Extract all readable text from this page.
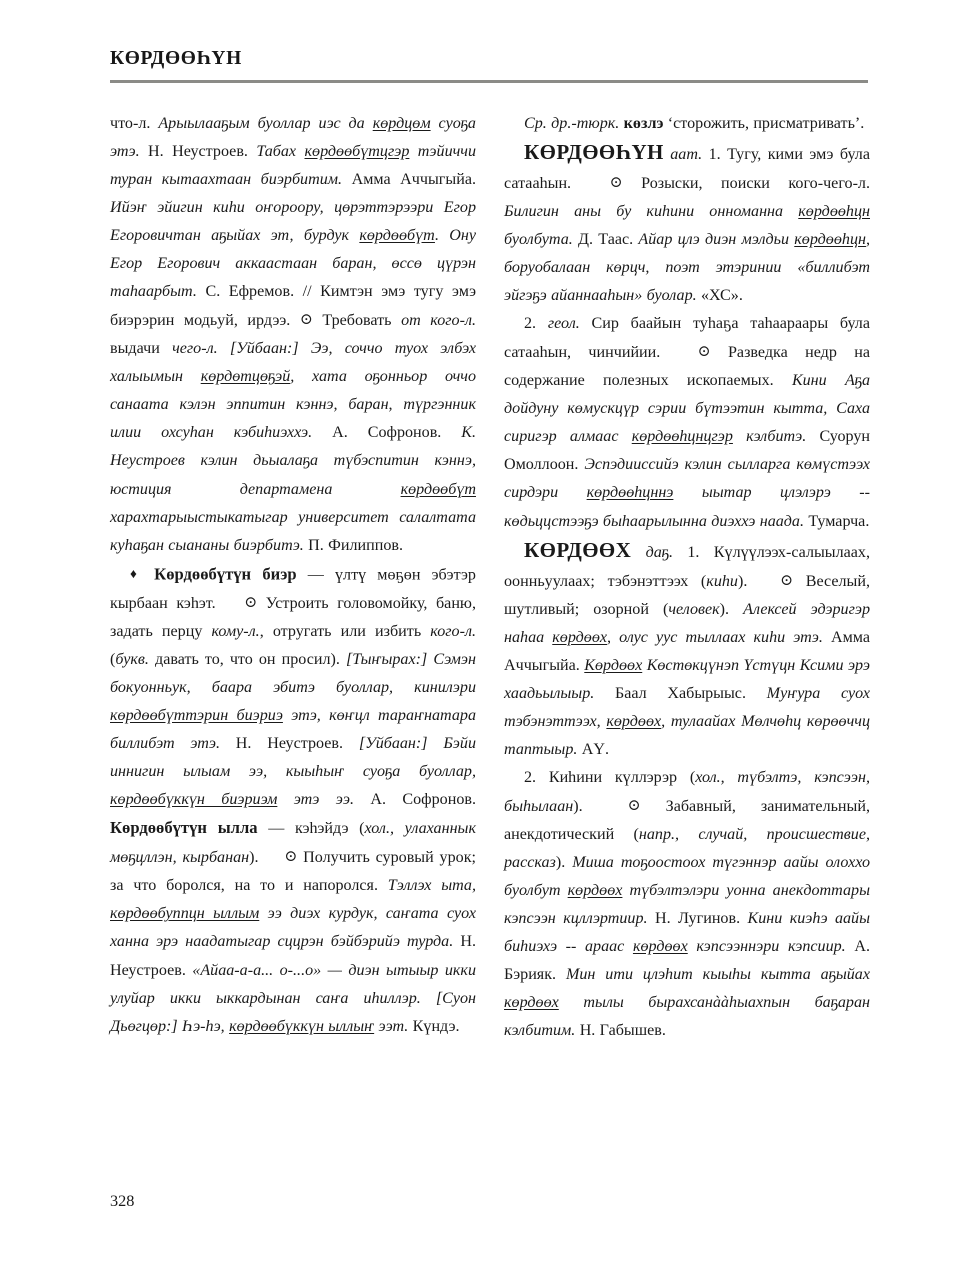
КӨРДӨӨҺҮН

что-л. Арыылааҕым буоллар иэс да көрдцөм суоҕа этэ. Н. Неустроев. Табах көрдөөбүтцгэр тэйиччи туран кытаахтаан биэрбитим. Амма Аччыгыйа. Ийэҥ эйигин киһи оҥороору, цөрэттэрээри Егор Егоровичтан аҕыйах эт, бурдук көрдөөбүт. Ону Егор Егорович аккаастаан баран, өссө цүрэн таһаарбыт. С. Ефремов. // Кимтэн эмэ тугу эмэ биэрэрин модьуй, ирдээ. ⊙ Требовать от кого-л. выдачи чего-л. [Уйбаан:] Ээ, соччо туох элбэх халыымын көрдөтцөҕэй, хата оҕонньор оччо санаата кэлэн эппитин кэннэ, баран, түргэнник илии охсуһан кэбиһиэххэ. А. Софронов. К. Неустроев кэлин дьыалаҕа түбэспитин кэннэ, юстиция департамена көрдөөбүт харахтарыыстыкатыгар университет салалтата куһаҕан сыананы биэрбитэ. П. Филиппов.

♦ Көрдөөбүтүн биэр — үлтү мөҕөн эбэтэр кырбаан кэһэт. ⊙ Устроить головомойку, баню, задать перцу кому-л., отругать или избить кого-л. (букв. давать то, что он просил). [Тыҥырах:] Сэмэн бокуонньук, баара эбитэ буоллар, кинилэри көрдөөбүттэрин биэриэ этэ, көҥцл тараҥнатара биллибэт этэ. Н. Неустроев. [Уйбаан:] Бэйи иннигин ылыам ээ, кыыһыҥ суоҕа буоллар, көрдөөбүккүн биэриэм этэ ээ. А. Софронов. Көрдөөбүтүн ылла — кэһэйдэ (хол., улаханнык мөҕцллэн, кырбанан). ⊙ Получить суровый урок; за что боролся, на то и напоролся. Тэллэх ыта, көрдөөбуппцн ыллым ээ диэх курдук, саҥата суох ханна эрэ наадатыгар сццрэн бэйбэрийэ турда. Н. Неустроев. «Айаа-а-а... о-...о» — диэн ытыыр икки улуйар икки ыккардынан саҥа иһиллэр. [Суон Дьөгцөр:] Һэ-һэ, көрдөөбүккүн ыллыҥ ээт. Күндэ.

Ср. др.-тюрк. көзлэ ‘сторожить, присматривать’.

КӨРДӨӨҺҮН аат. 1. Тугу, кими эмэ була сатааһын. ⊙ Розыски, поиски кого-чего-л. Билигин аны бу киһини онноманна көрдөөһцн буолбута. Д. Таас. Айар цлэ диэн мэлдьи көрдөөһцн, боруобалаан көрцч, поэт этэринии «биллибэт эйгэҕэ айаннааһын» буолар. «ХС».

2. геол. Сир баайын туһаҕа таһаараары була сатааһын, чинчийии. ⊙ Разведка недр на содержание полезных ископаемых. Кини Аҕа дойдуну көмускцүр сэрии бүтээтин кытта, Саха сиригэр алмаас көрдөөһцнцгэр кэлбитэ. Суорун Омоллоон. Эспэдииссийэ кэлин сылларга көмүстээх сирдэри көрдөөһцннэ ыытар цлэлэрэ -- көдьццстээҕэ быһаарылынна диэххэ наада. Тумарча.

КӨРДӨӨХ даҕ. 1. Күлүүлээх-салыылаах, оонньуулаах; тэбэнэттээх (киһи). ⊙ Веселый, шутливый; озорной (человек). Алексей эдэригэр наһаа көрдөөх, олус уус тыллаах киһи этэ. Амма Аччыгыйа. Көрдөөх Көстөкцүнэп Үстүцн Ксими эрэ хаадьылыыр. Баал Хабырыыс. Муҥура суох тэбэнэттээх, көрдөөх, тулаайах Мөлчөһц көрөөччц таптыыр. АҮ.

2. Киһини күллэрэр (хол., түбэлтэ, кэпсээн, быһылаан). ⊙ Забавный, занимательный, анекдотический (напр., случай, происшествие, рассказ). Миша тоҕоостоох түгэннэр аайы олоххо буолбут көрдөөх түбэлтэлэри уонна анекдоттары кэпсээн кцллэртиир. Н. Лугинов. Кини киэһэ аайы биһиэхэ -- араас көрдөөх кэпсээннэри кэпсиир. А. Бэрияк. Мин ити цлэһит кыыһы кытта аҕыйах көрдөөх тылы бырахсанààһыахпын баҕаран кэлбитим. Н. Габышев.

328
